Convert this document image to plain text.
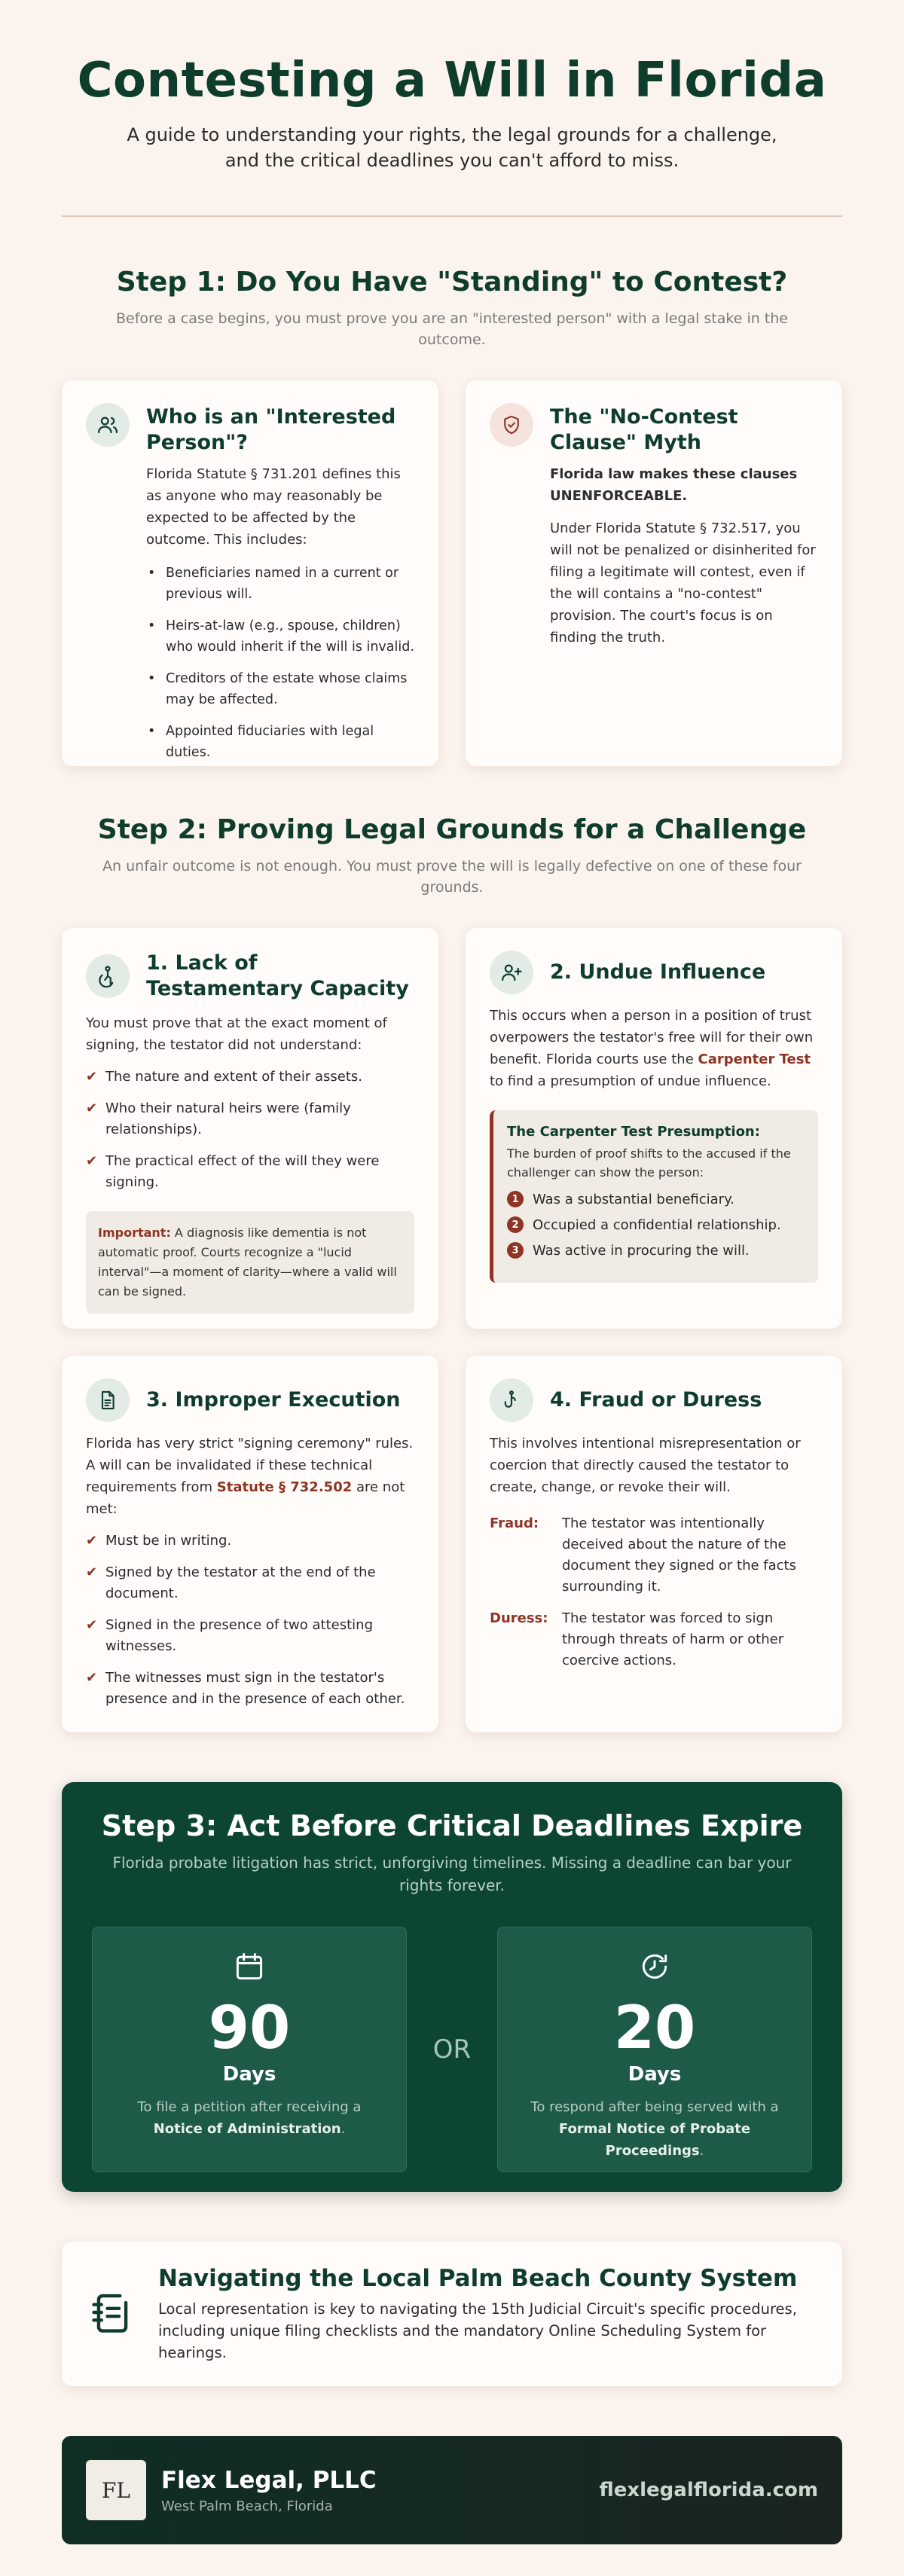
Contesting a Will in Florida

A guide to understanding your rights, the legal grounds for a challenge,
and the critical deadlines you can't afford to miss.

Step 1: Do You Have "Standing" to Contest?

Before a case begins, you must prove you are an "interested person" with a legal stake in the outcome.

Who is an "Interested Person"?

Florida Statute § 731.201 defines this as anyone who may reasonably be expected to be affected by the outcome. This includes:

• Beneficiaries named in a current or previous will.
• Heirs-at-law (e.g., spouse, children) who would inherit if the will is invalid.
• Creditors of the estate whose claims may be affected.
• Appointed fiduciaries with legal duties.
The "No-Contest Clause" Myth

Florida law makes these clauses UNENFORCEABLE.

Under Florida Statute § 732.517, you will not be penalized or disinherited for filing a legitimate will contest, even if the will contains a "no-contest" provision. The court's focus is on finding the truth.

Step 2: Proving Legal Grounds for a Challenge

An unfair outcome is not enough. You must prove the will is legally defective on one of these four grounds.

1. Lack of Testamentary Capacity

You must prove that at the exact moment of signing, the testator did not understand:

✔ The nature and extent of their assets.
✔ Who their natural heirs were (family relationships).
✔ The practical effect of the will they were signing.
Important: A diagnosis like dementia is not automatic proof. Courts recognize a "lucid interval"—a moment of clarity—where a valid will can be signed.
2. Undue Influence

This occurs when a person in a position of trust overpowers the testator's free will for their own benefit. Florida courts use the Carpenter Test to find a presumption of undue influence.

The Carpenter Test Presumption:

The burden of proof shifts to the accused if the challenger can show the person:

1	Was a substantial beneficiary.
2	Occupied a confidential relationship.
3	Was active in procuring the will.
3. Improper Execution

Florida has very strict "signing ceremony" rules. A will can be invalidated if these technical requirements from Statute § 732.502 are not met:

✔ Must be in writing.
✔ Signed by the testator at the end of the document.
✔ Signed in the presence of two attesting witnesses.
✔ The witnesses must sign in the testator's presence and in the presence of each other.
4. Fraud or Duress

This involves intentional misrepresentation or coercion that directly caused the testator to create, change, or revoke their will.

Fraud:	The testator was intentionally deceived about the nature of the document they signed or the facts surrounding it.
Duress: The testator was forced to sign through threats of harm or other coercive actions.
Step 3: Act Before Critical Deadlines Expire

Florida probate litigation has strict, unforgiving timelines. Missing a deadline can bar your rights forever.

90
Days

To file a petition after receiving a Notice of Administration.

OR	20
Days

To respond after being served with a Formal Notice of Probate Proceedings.

Navigating the Local Palm Beach County System

Local representation is key to navigating the 15th Judicial Circuit's specific procedures, including unique filing checklists and the mandatory Online Scheduling System for hearings.

FL	Flex Legal, PLLC
West Palm Beach, Florida
flexlegalflorida.com
